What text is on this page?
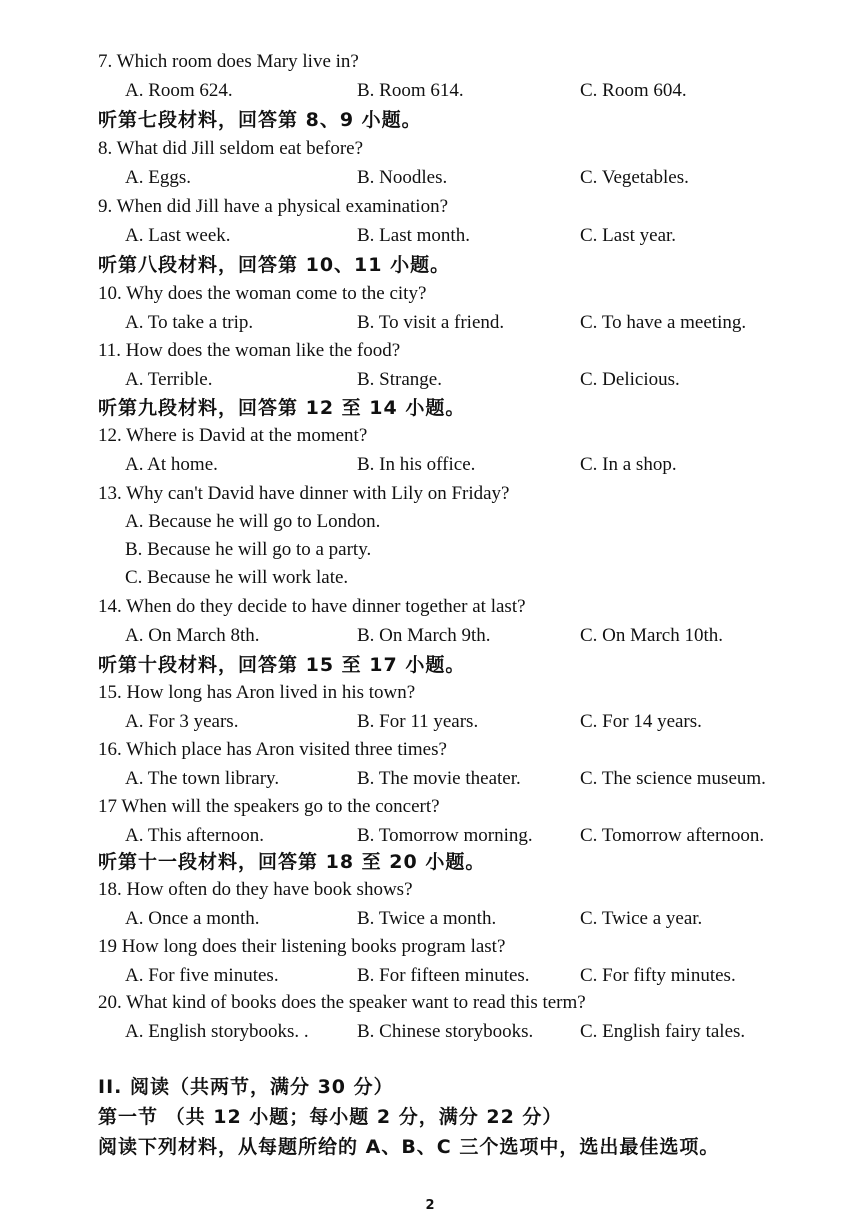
7. Which room does Mary live in?
A. Room 624.	B. Room 614.	C. Room 604.
听第七段材料，回答第 8、9 小题。
8. What did Jill seldom eat before?
A. Eggs.	B. Noodles.	C. Vegetables.
9. When did Jill have a physical examination?
A. Last week.	B. Last month.	C. Last year.
听第八段材料，回答第 10、11 小题。
10. Why does the woman come to the city?
A. To take a trip.	B. To visit a friend.	C. To have a meeting.
11. How does the woman like the food?
A. Terrible.	B. Strange.	C. Delicious.
听第九段材料，回答第 12 至 14 小题。
12. Where is David at the moment?
A. At home.	B. In his office.	C. In a shop.
13. Why can't David have dinner with Lily on Friday?
A. Because he will go to London.
B. Because he will go to a party.
C. Because he will work late.
14. When do they decide to have dinner together at last?
A. On March 8th.	B. On March 9th.	C. On March 10th.
听第十段材料，回答第 15 至 17 小题。
15. How long has Aron lived in his town?
A. For 3 years.	B. For 11 years.	C. For 14 years.
16. Which place has Aron visited three times?
A. The town library.	B. The movie theater.	C. The science museum.
17 When will the speakers go to the concert?
A. This afternoon.	B. Tomorrow morning. C. Tomorrow afternoon.
听第十一段材料，回答第 18 至 20 小题。
18. How often do they have book shows?
A. Once a month.	B. Twice a month.	C. Twice a year.
19 How long does their listening books program last?
A. For five minutes.	B. For fifteen minutes.	C. For fifty minutes.
20. What kind of books does the speaker want to read this term?
A. English storybooks. .	B. Chinese storybooks. C. English fairy tales.
II. 阅读（共两节，满分 30 分）
第一节 （共 12 小题；每小题 2 分，满分 22 分）
阅读下列材料，从每题所给的 A、B、C 三个选项中，选出最佳选项。
2
